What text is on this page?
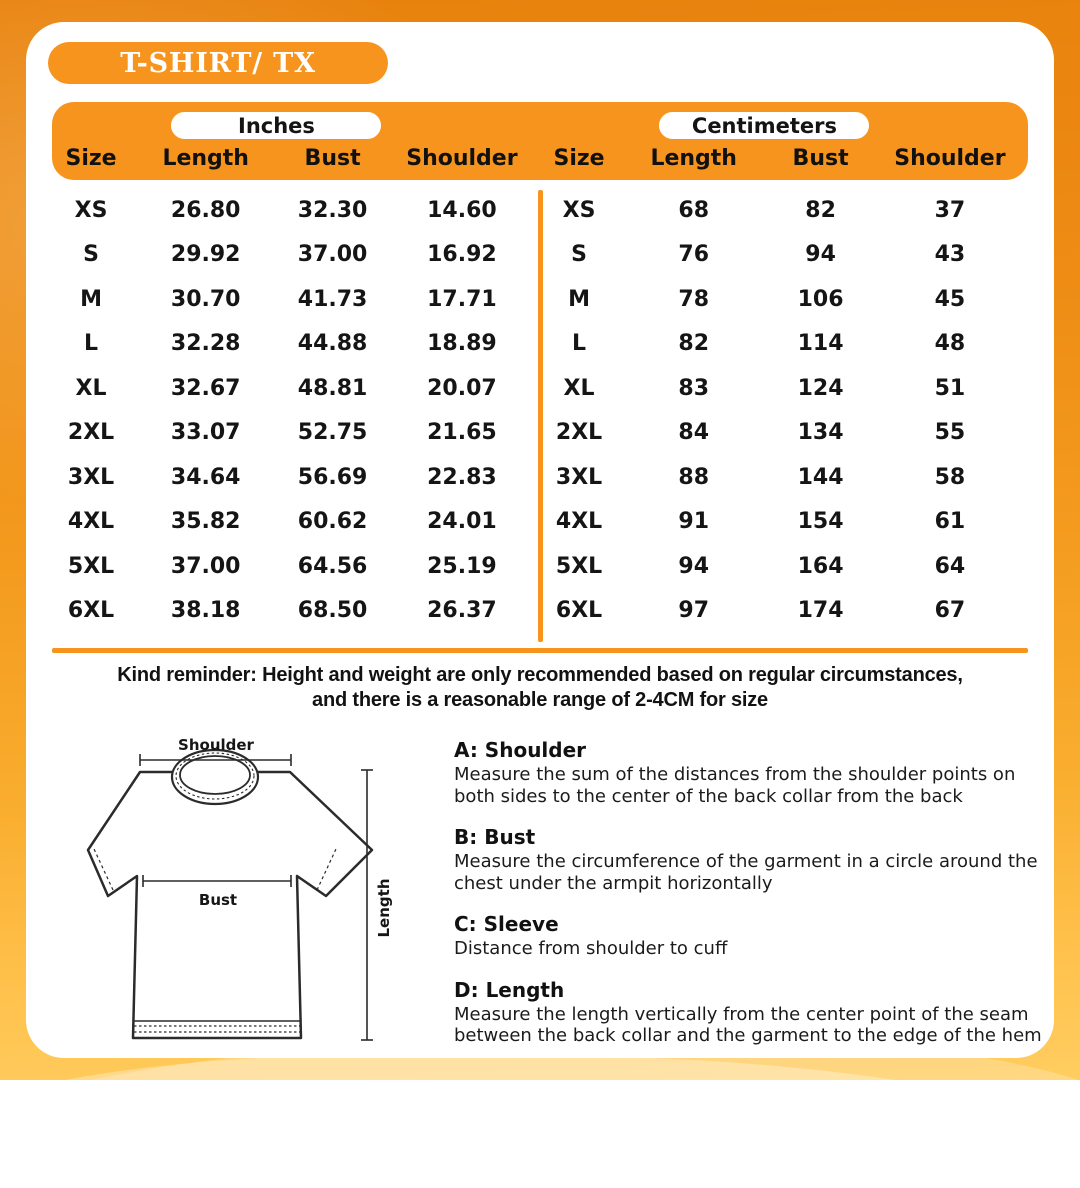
T-SHIRT/ TX
Inches
Size	Length	Bust	Shoulder
Centimeters
Size	Length	Bust	Shoulder
XS	26.80	32.30	14.60
S	29.92	37.00	16.92
M	30.70	41.73	17.71
L	32.28	44.88	18.89
XL	32.67	48.81	20.07
2XL	33.07	52.75	21.65
3XL	34.64	56.69	22.83
4XL	35.82	60.62	24.01
5XL	37.00	64.56	25.19
6XL	38.18	68.50	26.37
XS	68	82	37
S	76	94	43
M	78	106	45
L	82	114	48
XL	83	124	51
2XL	84	134	55
3XL	88	144	58
4XL	91	154	61
5XL	94	164	64
6XL	97	174	67
Kind reminder: Height and weight are only recommended based on regular circumstances,
and there is a reasonable range of 2-4CM for size
Shoulder
Bust	Length

A: Shoulder

Measure the sum of the distances from the shoulder points on both sides to the center of the back collar from the back

B: Bust

Measure the circumference of the garment in a circle around the chest under the armpit horizontally

C: Sleeve

Distance from shoulder to cuff

D: Length

Measure the length vertically from the center point of the seam between the back collar and the garment to the edge of the hem
